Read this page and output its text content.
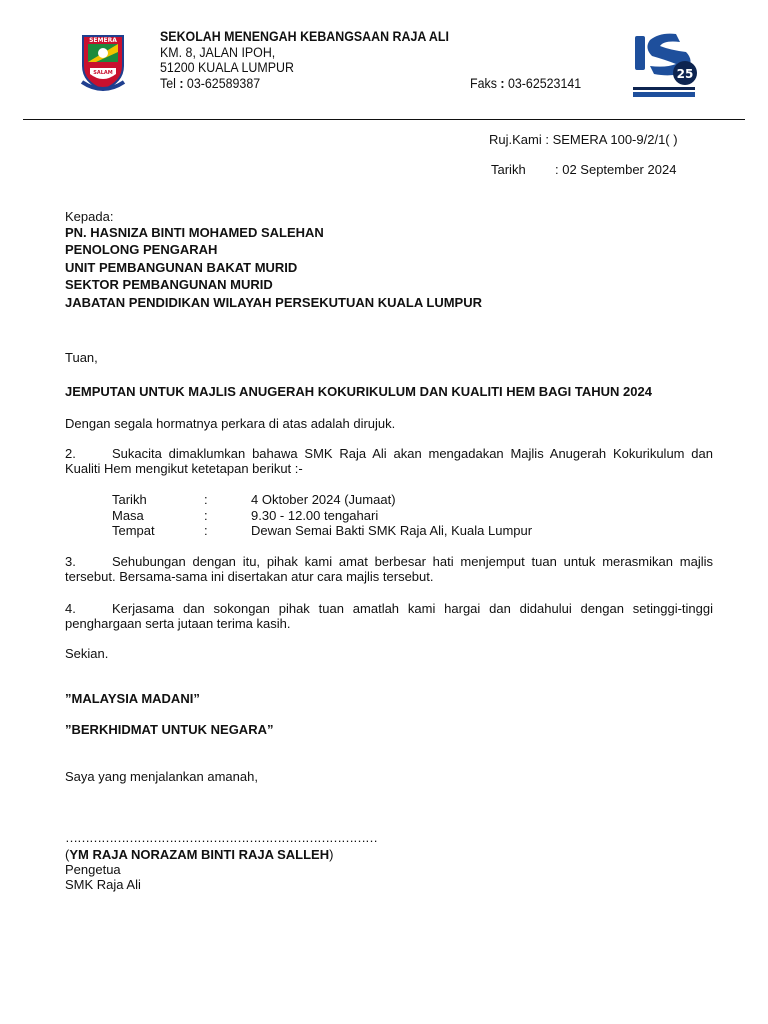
SEMERA
SALAM
SEKOLAH MENENGAH KEBANGSAAN RAJA ALI
KM. 8, JALAN IPOH,
51200 KUALA LUMPUR
Tel : 03-62589387	Faks : 03-62523141
25
Ruj.Kami : SEMERA 100-9/2/1( )
Tarikh : 02 September 2024
Kepada:
PN. HASNIZA BINTI MOHAMED SALEHAN
PENOLONG PENGARAH
UNIT PEMBANGUNAN BAKAT MURID
SEKTOR PEMBANGUNAN MURID
JABATAN PENDIDIKAN WILAYAH PERSEKUTUAN KUALA LUMPUR
Tuan,
JEMPUTAN UNTUK MAJLIS ANUGERAH KOKURIKULUM DAN KUALITI HEM BAGI TAHUN 2024
Dengan segala hormatnya perkara di atas adalah dirujuk.
2.	Sukacita dimaklumkan bahawa SMK Raja Ali akan mengadakan Majlis Anugerah Kokurikulum dan Kualiti Hem mengikut ketetapan berikut :-
Tarikh	:	4 Oktober 2024 (Jumaat)
Masa	:	9.30 - 12.00 tengahari
Tempat	:	Dewan Semai Bakti SMK Raja Ali, Kuala Lumpur
3.	Sehubungan dengan itu, pihak kami amat berbesar hati menjemput tuan untuk merasmikan majlis tersebut. Bersama-sama ini disertakan atur cara majlis tersebut.
4.	Kerjasama dan sokongan pihak tuan amatlah kami hargai dan didahului dengan setinggi-tinggi penghargaan serta jutaan terima kasih.
Sekian.
”MALAYSIA MADANI”
”BERKHIDMAT UNTUK NEGARA”
Saya yang menjalankan amanah,
……………………………………………………………………
(YM RAJA NORAZAM BINTI RAJA SALLEH)
Pengetua
SMK Raja Ali
